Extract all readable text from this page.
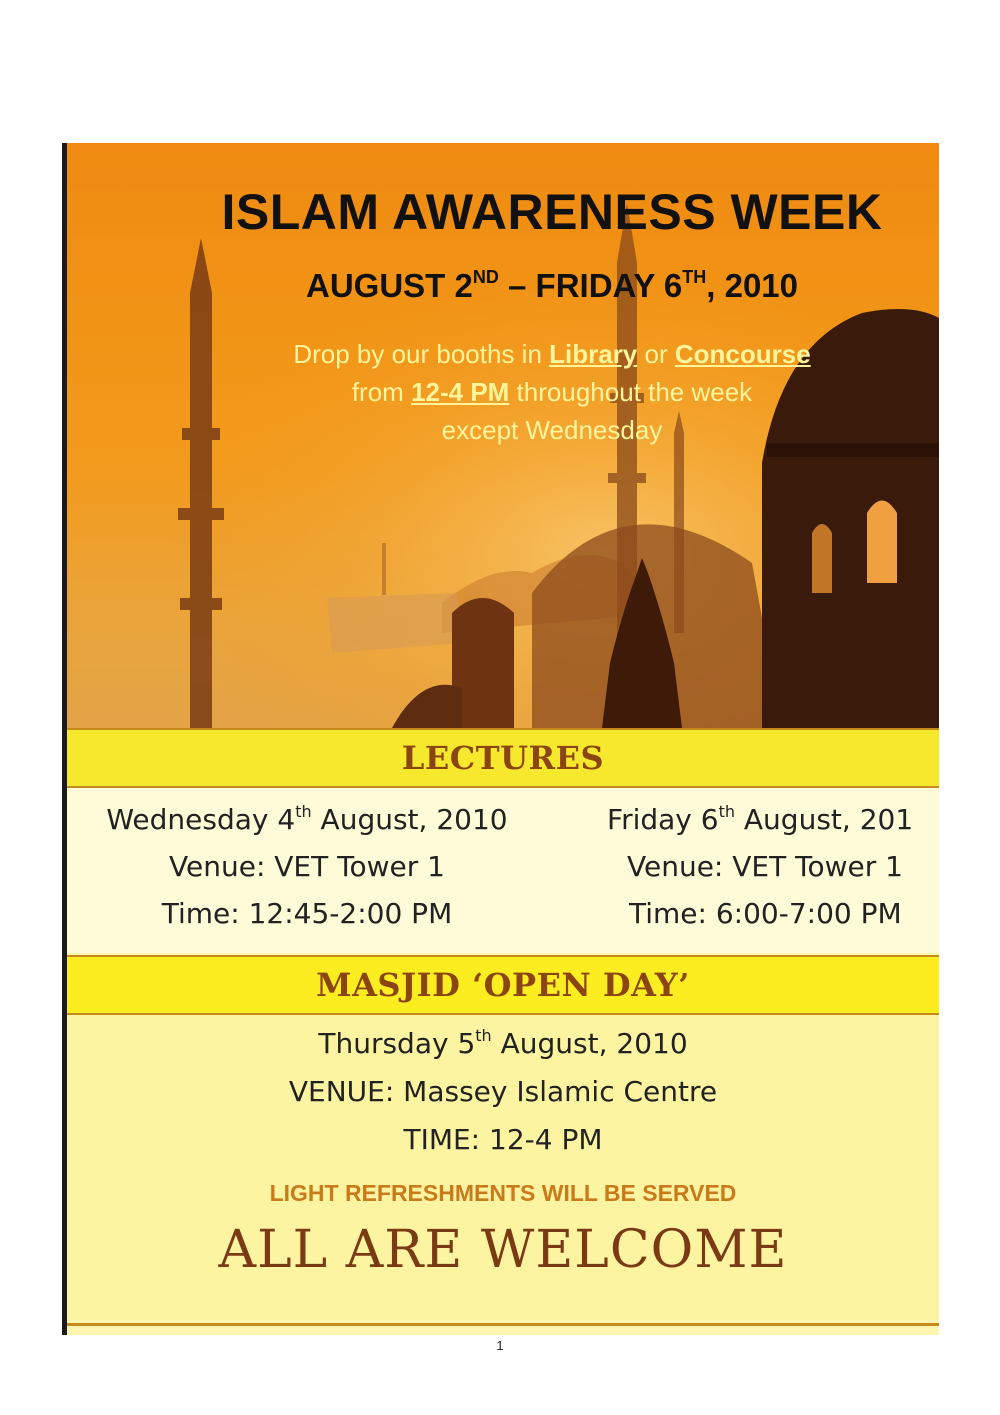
ISLAM AWARENESS WEEK
AUGUST 2ND – FRIDAY 6TH, 2010
Drop by our booths in Library or Concourse
from 12-4 PM throughout the week
except Wednesday
LECTURES
Wednesday 4th August, 2010
Venue: VET Tower 1
Time: 12:45-2:00 PM
Friday 6th August, 201
Venue: VET Tower 1
Time: 6:00-7:00 PM
MASJID ‘OPEN DAY’
Thursday 5th August, 2010
VENUE: Massey Islamic Centre
TIME: 12-4 PM
LIGHT REFRESHMENTS WILL BE SERVED
ALL ARE WELCOME
1
